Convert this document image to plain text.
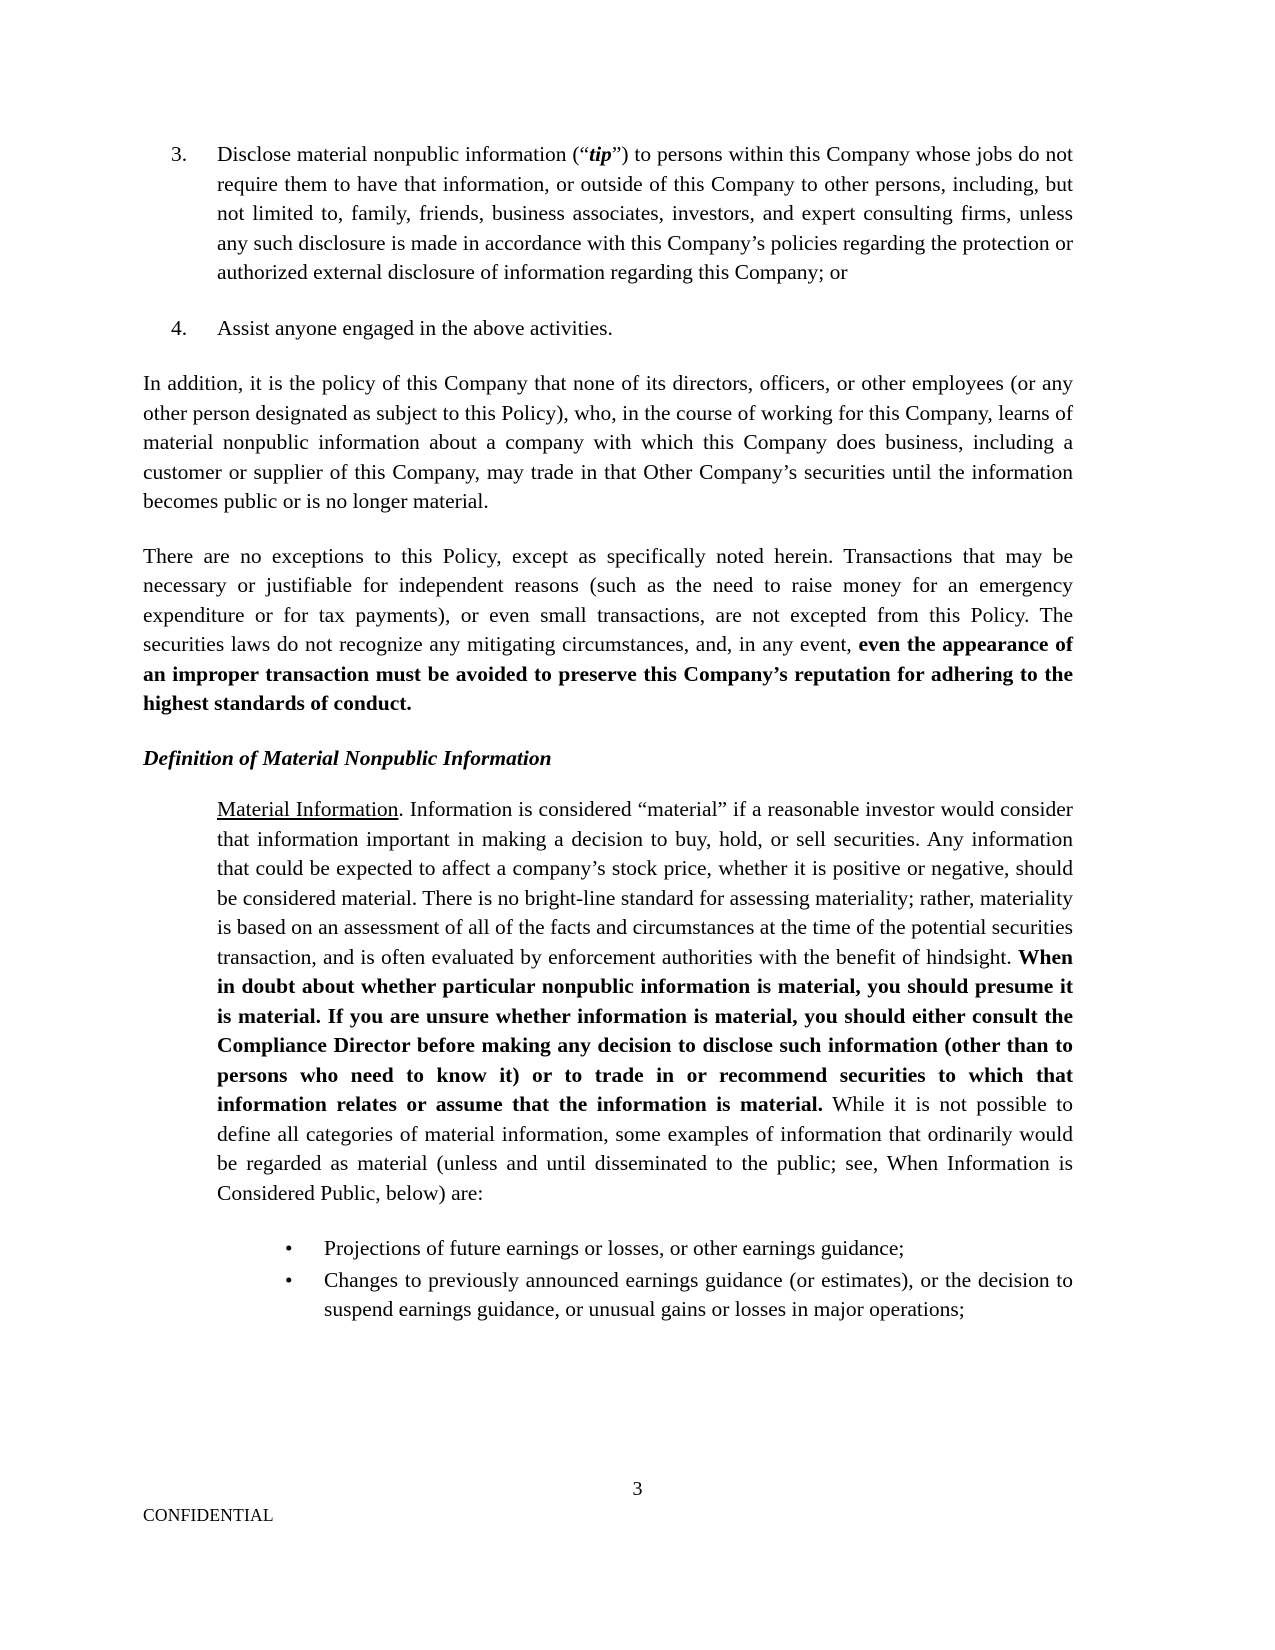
3.	Disclose material nonpublic information (“tip”) to persons within this Company whose jobs do not require them to have that information, or outside of this Company to other persons, including, but not limited to, family, friends, business associates, investors, and expert consulting firms, unless any such disclosure is made in accordance with this Company’s policies regarding the protection or authorized external disclosure of information regarding this Company; or
4.	Assist anyone engaged in the above activities.

In addition, it is the policy of this Company that none of its directors, officers, or other employees (or any other person designated as subject to this Policy), who, in the course of working for this Company, learns of material nonpublic information about a company with which this Company does business, including a customer or supplier of this Company, may trade in that Other Company’s securities until the information becomes public or is no longer material.

There are no exceptions to this Policy, except as specifically noted herein. Transactions that may be necessary or justifiable for independent reasons (such as the need to raise money for an emergency expenditure or for tax payments), or even small transactions, are not excepted from this Policy. The securities laws do not recognize any mitigating circumstances, and, in any event, even the appearance of an improper transaction must be avoided to preserve this Company’s reputation for adhering to the highest standards of conduct.

Definition of Material Nonpublic Information

Material Information. Information is considered “material” if a reasonable investor would consider that information important in making a decision to buy, hold, or sell securities. Any information that could be expected to affect a company’s stock price, whether it is positive or negative, should be considered material. There is no bright-line standard for assessing materiality; rather, materiality is based on an assessment of all of the facts and circumstances at the time of the potential securities transaction, and is often evaluated by enforcement authorities with the benefit of hindsight. When in doubt about whether particular nonpublic information is material, you should presume it is material. If you are unsure whether information is material, you should either consult the Compliance Director before making any decision to disclose such information (other than to persons who need to know it) or to trade in or recommend securities to which that information relates or assume that the information is material. While it is not possible to define all categories of material information, some examples of information that ordinarily would be regarded as material (unless and until disseminated to the public; see, When Information is Considered Public, below) are:

• Projections of future earnings or losses, or other earnings guidance;
• Changes to previously announced earnings guidance (or estimates), or the decision to suspend earnings guidance, or unusual gains or losses in major operations;
3
CONFIDENTIAL
